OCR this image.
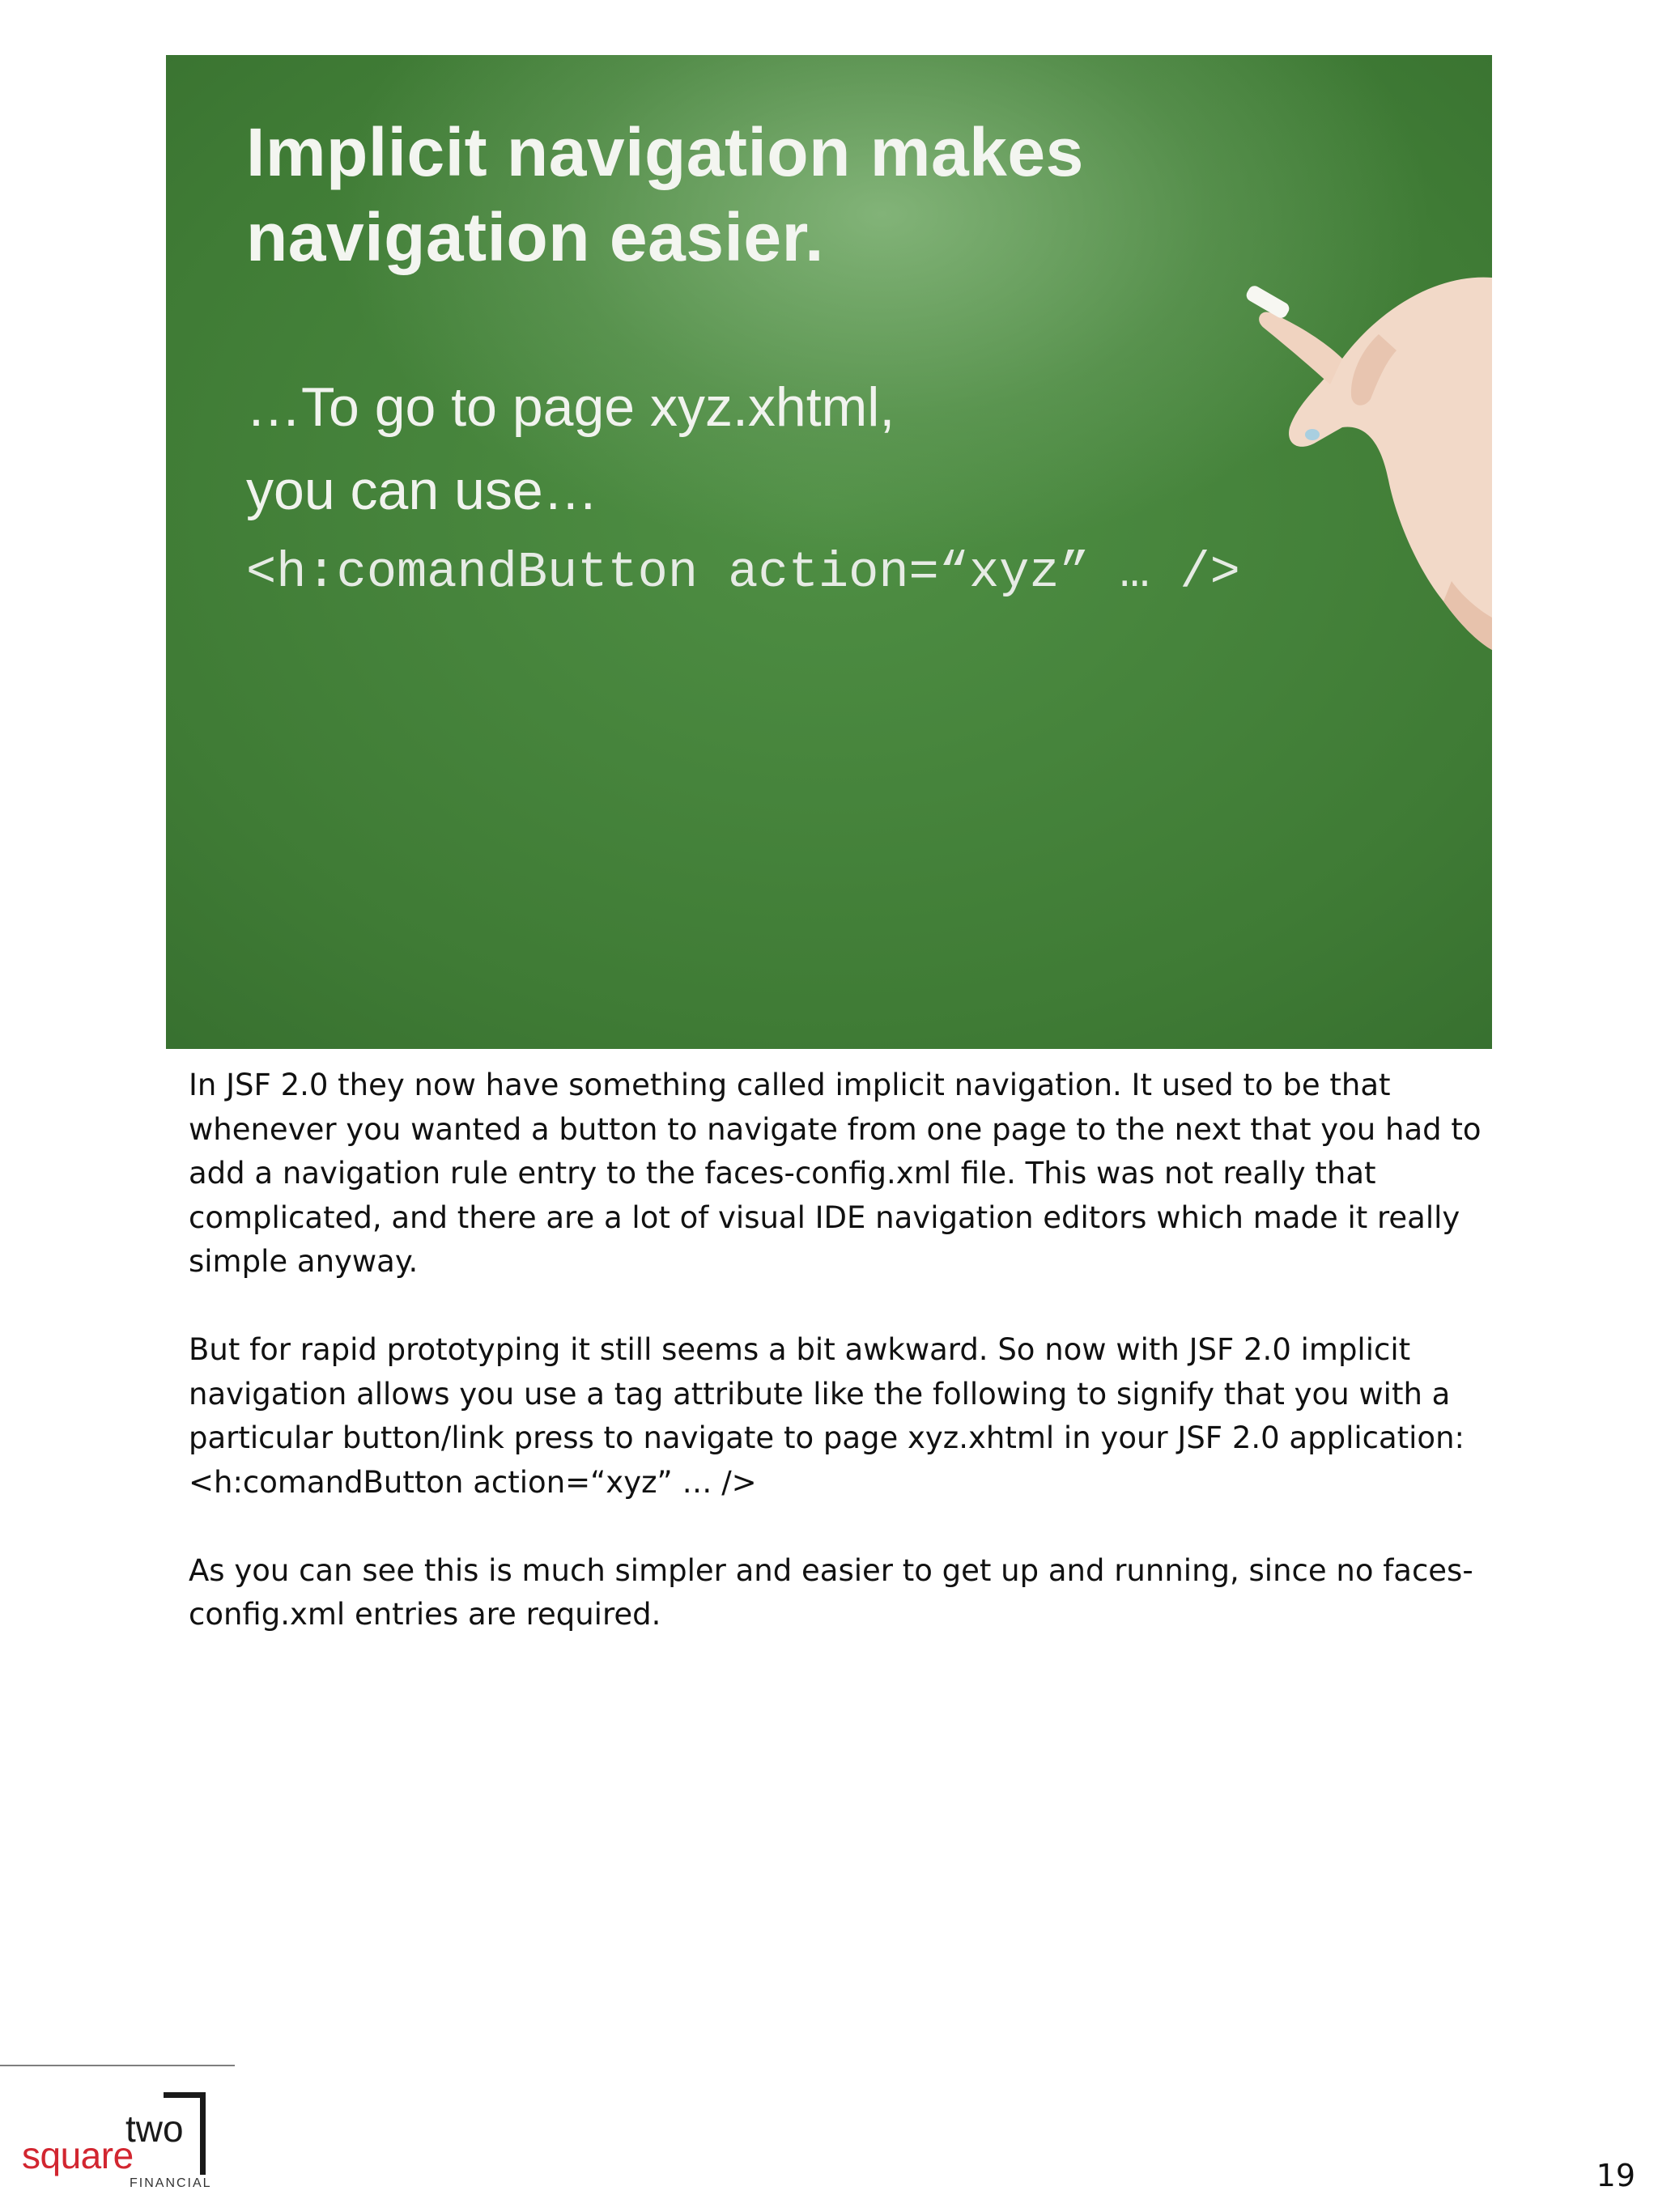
Implicit navigation makes
navigation easier.

…To go to page xyz.xhtml,

you can use…

<h:comandButton action=“xyz” … />

In JSF 2.0 they now have something called implicit navigation. It used to be that whenever you wanted a button to navigate from one page to the next that you had to add a navigation rule entry to the faces-config.xml file. This was not really that complicated, and there are a lot of visual IDE navigation editors which made it really simple anyway.

But for rapid prototyping it still seems a bit awkward. So now with JSF 2.0 implicit navigation allows you use a tag attribute like the following to signify that you with a particular button/link press to navigate to page xyz.xhtml in your JSF 2.0 application: <h:comandButton action=“xyz” … />

As you can see this is much simpler and easier to get up and running, since no faces-config.xml entries are required.

square
two
FINANCIAL	19
